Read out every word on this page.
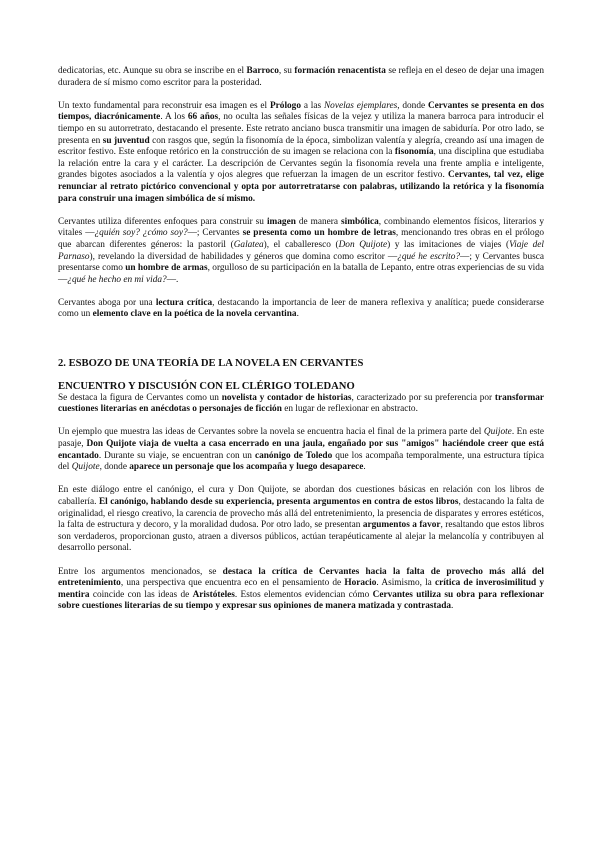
dedicatorias, etc. Aunque su obra se inscribe en el Barroco, su formación renacentista se refleja en el deseo de dejar una imagen duradera de sí mismo como escritor para la posteridad.

Un texto fundamental para reconstruir esa imagen es el Prólogo a las Novelas ejemplares, donde Cervantes se presenta en dos tiempos, diacrónicamente. A los 66 años, no oculta las señales físicas de la vejez y utiliza la manera barroca para introducir el tiempo en su autorretrato, destacando el presente. Este retrato anciano busca transmitir una imagen de sabiduría. Por otro lado, se presenta en su juventud con rasgos que, según la fisonomía de la época, simbolizan valentía y alegría, creando así una imagen de escritor festivo. Este enfoque retórico en la construcción de su imagen se relaciona con la fisonomía, una disciplina que estudiaba la relación entre la cara y el carácter. La descripción de Cervantes según la fisonomía revela una frente amplia e inteligente, grandes bigotes asociados a la valentía y ojos alegres que refuerzan la imagen de un escritor festivo. Cervantes, tal vez, elige renunciar al retrato pictórico convencional y opta por autorretratarse con palabras, utilizando la retórica y la fisonomía para construir una imagen simbólica de sí mismo.

Cervantes utiliza diferentes enfoques para construir su imagen de manera simbólica, combinando elementos físicos, literarios y vitales —¿quién soy? ¿cómo soy?—; Cervantes se presenta como un hombre de letras, mencionando tres obras en el prólogo que abarcan diferentes géneros: la pastoril (Galatea), el caballeresco (Don Quijote) y las imitaciones de viajes (Viaje del Parnaso), revelando la diversidad de habilidades y géneros que domina como escritor —¿qué he escrito?—; y Cervantes busca presentarse como un hombre de armas, orgulloso de su participación en la batalla de Lepanto, entre otras experiencias de su vida —¿qué he hecho en mi vida?—.

Cervantes aboga por una lectura crítica, destacando la importancia de leer de manera reflexiva y analítica; puede considerarse como un elemento clave en la poética de la novela cervantina.

2. ESBOZO DE UNA TEORÍA DE LA NOVELA EN CERVANTES
ENCUENTRO Y DISCUSIÓN CON EL CLÉRIGO TOLEDANO

Se destaca la figura de Cervantes como un novelista y contador de historias, caracterizado por su preferencia por transformar cuestiones literarias en anécdotas o personajes de ficción en lugar de reflexionar en abstracto.

Un ejemplo que muestra las ideas de Cervantes sobre la novela se encuentra hacia el final de la primera parte del Quijote. En este pasaje, Don Quijote viaja de vuelta a casa encerrado en una jaula, engañado por sus "amigos" haciéndole creer que está encantado. Durante su viaje, se encuentran con un canónigo de Toledo que los acompaña temporalmente, una estructura típica del Quijote, donde aparece un personaje que los acompaña y luego desaparece.

En este diálogo entre el canónigo, el cura y Don Quijote, se abordan dos cuestiones básicas en relación con los libros de caballería. El canónigo, hablando desde su experiencia, presenta argumentos en contra de estos libros, destacando la falta de originalidad, el riesgo creativo, la carencia de provecho más allá del entretenimiento, la presencia de disparates y errores estéticos, la falta de estructura y decoro, y la moralidad dudosa. Por otro lado, se presentan argumentos a favor, resaltando que estos libros son verdaderos, proporcionan gusto, atraen a diversos públicos, actúan terapéuticamente al alejar la melancolía y contribuyen al desarrollo personal.

Entre los argumentos mencionados, se destaca la crítica de Cervantes hacia la falta de provecho más allá del entretenimiento, una perspectiva que encuentra eco en el pensamiento de Horacio. Asimismo, la crítica de inverosimilitud y mentira coincide con las ideas de Aristóteles. Estos elementos evidencian cómo Cervantes utiliza su obra para reflexionar sobre cuestiones literarias de su tiempo y expresar sus opiniones de manera matizada y contrastada.
